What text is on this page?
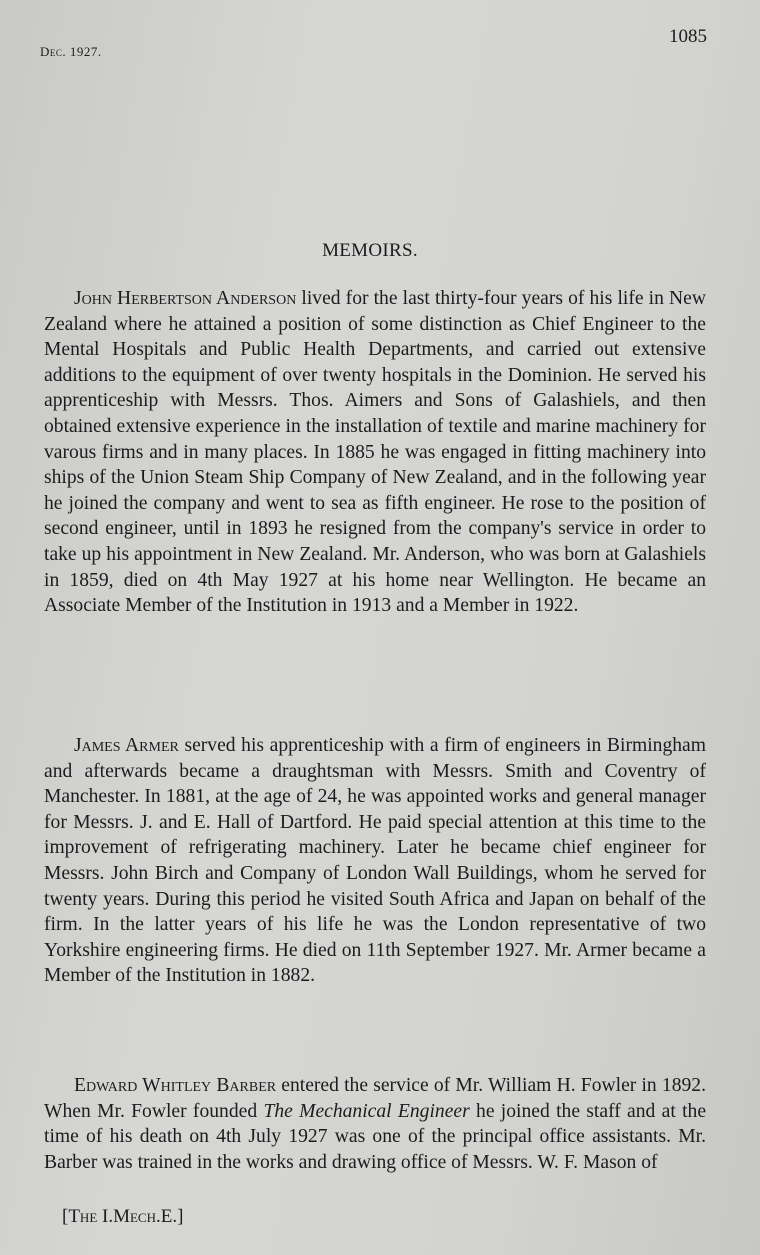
Dec. 1927.
1085
MEMOIRS.

John Herbertson Anderson lived for the last thirty-four years of his life in New Zealand where he attained a position of some distinction as Chief Engineer to the Mental Hospitals and Public Health Departments, and carried out extensive additions to the equipment of over twenty hospitals in the Dominion. He served his apprenticeship with Messrs. Thos. Aimers and Sons of Galashiels, and then obtained extensive experience in the installation of textile and marine machinery for varous firms and in many places. In 1885 he was engaged in fitting machinery into ships of the Union Steam Ship Company of New Zealand, and in the following year he joined the company and went to sea as fifth engineer. He rose to the position of second engineer, until in 1893 he resigned from the company's service in order to take up his appointment in New Zealand. Mr. Anderson, who was born at Galashiels in 1859, died on 4th May 1927 at his home near Wellington. He became an Associate Member of the Institution in 1913 and a Member in 1922.

James Armer served his apprenticeship with a firm of engineers in Birmingham and afterwards became a draughtsman with Messrs. Smith and Coventry of Manchester. In 1881, at the age of 24, he was appointed works and general manager for Messrs. J. and E. Hall of Dartford. He paid special attention at this time to the improvement of refrigerating machinery. Later he became chief engineer for Messrs. John Birch and Company of London Wall Buildings, whom he served for twenty years. During this period he visited South Africa and Japan on behalf of the firm. In the latter years of his life he was the London representative of two Yorkshire engineering firms. He died on 11th September 1927. Mr. Armer became a Member of the Institution in 1882.

Edward Whitley Barber entered the service of Mr. William H. Fowler in 1892. When Mr. Fowler founded The Mechanical Engineer he joined the staff and at the time of his death on 4th July 1927 was one of the principal office assistants. Mr. Barber was trained in the works and drawing office of Messrs. W. F. Mason of

[The I.Mech.E.]
